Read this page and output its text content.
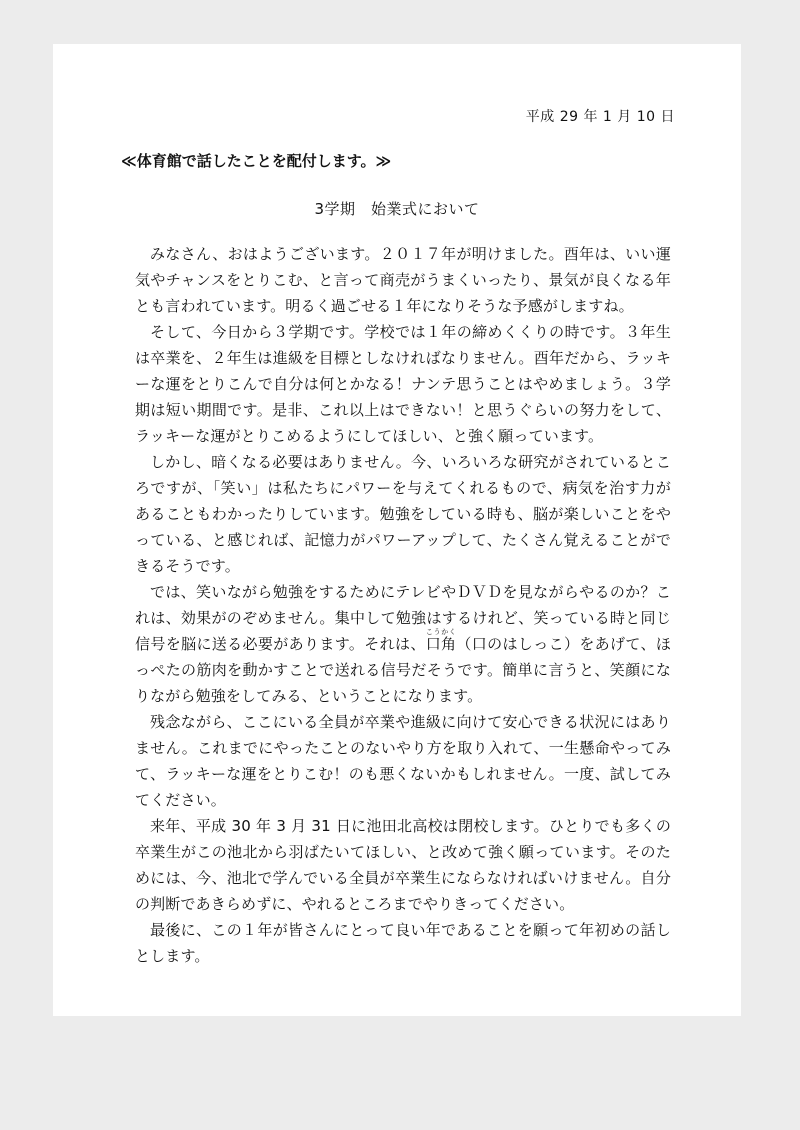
平成 29 年 1 月 10 日
≪体育館で話したことを配付します。≫
3学期　始業式において

みなさん、おはようございます。２０１７年が明けました。酉年は、いい運気やチャンスをとりこむ、と言って商売がうまくいったり、景気が良くなる年とも言われています。明るく過ごせる１年になりそうな予感がしますね。

そして、今日から３学期です。学校では１年の締めくくりの時です。３年生は卒業を、２年生は進級を目標としなければなりません。酉年だから、ラッキーな運をとりこんで自分は何とかなる！ナンテ思うことはやめましょう。３学期は短い期間です。是非、これ以上はできない！と思うぐらいの努力をして、ラッキーな運がとりこめるようにしてほしい、と強く願っています。

しかし、暗くなる必要はありません。今、いろいろな研究がされているところですが、「笑い」は私たちにパワーを与えてくれるもので、病気を治す力があることもわかったりしています。勉強をしている時も、脳が楽しいことをやっている、と感じれば、記憶力がパワーアップして、たくさん覚えることができるそうです。

では、笑いながら勉強をするためにテレビやＤＶＤを見ながらやるのか？これは、効果がのぞめません。集中して勉強はするけれど、笑っている時と同じ信号を脳に送る必要があります。それは、口角こうかく（口のはしっこ）をあげて、ほっぺたの筋肉を動かすことで送れる信号だそうです。簡単に言うと、笑顔になりながら勉強をしてみる、ということになります。

残念ながら、ここにいる全員が卒業や進級に向けて安心できる状況にはありません。これまでにやったことのないやり方を取り入れて、一生懸命やってみて、ラッキーな運をとりこむ！のも悪くないかもしれません。一度、試してみてください。

来年、平成 30 年 3 月 31 日に池田北高校は閉校します。ひとりでも多くの卒業生がこの池北から羽ばたいてほしい、と改めて強く願っています。そのためには、今、池北で学んでいる全員が卒業生にならなければいけません。自分の判断であきらめずに、やれるところまでやりきってください。

最後に、この１年が皆さんにとって良い年であることを願って年初めの話しとします。
